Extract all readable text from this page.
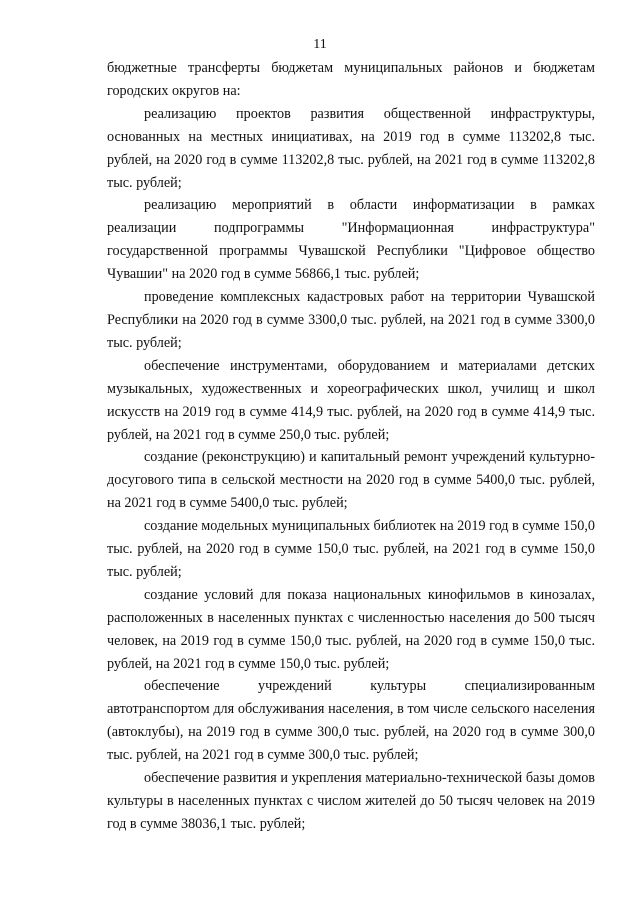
11

бюджетные трансферты бюджетам муниципальных районов и бюджетам городских округов на:

реализацию проектов развития общественной инфраструктуры, основанных на местных инициативах, на 2019 год в сумме 113202,8 тыс. рублей, на 2020 год в сумме 113202,8 тыс. рублей, на 2021 год в сумме 113202,8 тыс. рублей;

реализацию мероприятий в области информатизации в рамках реализации подпрограммы "Информационная инфраструктура" государственной программы Чувашской Республики "Цифровое общество Чувашии" на 2020 год в сумме 56866,1 тыс. рублей;

проведение комплексных кадастровых работ на территории Чувашской Республики на 2020 год в сумме 3300,0 тыс. рублей, на 2021 год в сумме 3300,0 тыс. рублей;

обеспечение инструментами, оборудованием и материалами детских музыкальных, художественных и хореографических школ, училищ и школ искусств на 2019 год в сумме 414,9 тыс. рублей, на 2020 год в сумме 414,9 тыс. рублей, на 2021 год в сумме 250,0 тыс. рублей;

создание (реконструкцию) и капитальный ремонт учреждений культурно-досугового типа в сельской местности на 2020 год в сумме 5400,0 тыс. рублей, на 2021 год в сумме 5400,0 тыс. рублей;

создание модельных муниципальных библиотек на 2019 год в сумме 150,0 тыс. рублей, на 2020 год в сумме 150,0 тыс. рублей, на 2021 год в сумме 150,0 тыс. рублей;

создание условий для показа национальных кинофильмов в кинозалах, расположенных в населенных пунктах с численностью населения до 500 тысяч человек, на 2019 год в сумме 150,0 тыс. рублей, на 2020 год в сумме 150,0 тыс. рублей, на 2021 год в сумме 150,0 тыс. рублей;

обеспечение учреждений культуры специализированным автотранспортом для обслуживания населения, в том числе сельского населения (автоклубы), на 2019 год в сумме 300,0 тыс. рублей, на 2020 год в сумме 300,0 тыс. рублей, на 2021 год в сумме 300,0 тыс. рублей;

обеспечение развития и укрепления материально-технической базы домов культуры в населенных пунктах с числом жителей до 50 тысяч человек на 2019 год в сумме 38036,1 тыс. рублей;
